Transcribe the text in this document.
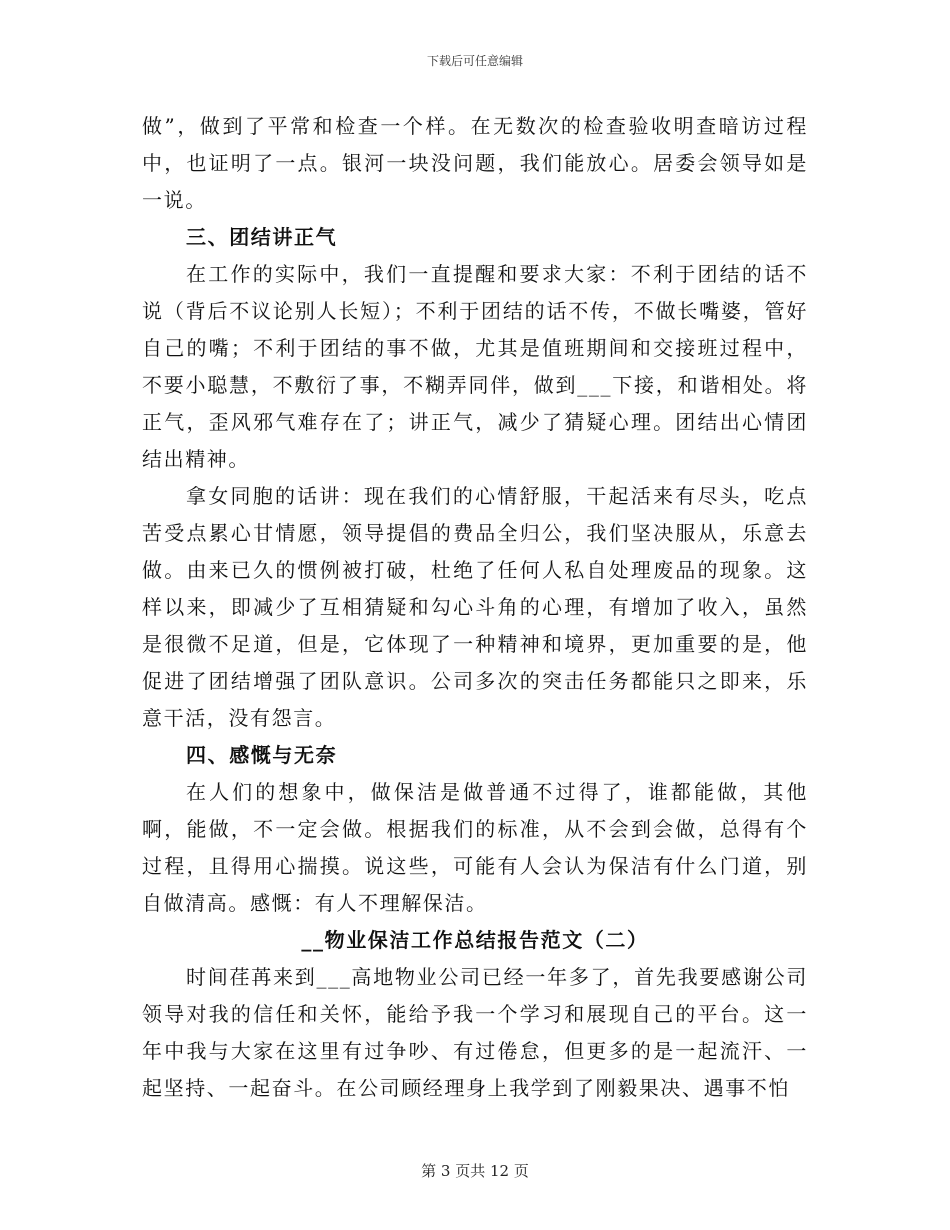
下载后可任意编辑

做”，做到了平常和检查一个样。在无数次的检查验收明查暗访过程中，也证明了一点。银河一块没问题，我们能放心。居委会领导如是一说。

三、团结讲正气

在工作的实际中，我们一直提醒和要求大家：不利于团结的话不说（背后不议论别人长短）；不利于团结的话不传，不做长嘴婆，管好自己的嘴；不利于团结的事不做，尤其是值班期间和交接班过程中，不要小聪慧，不敷衍了事，不糊弄同伴，做到___下接，和谐相处。将正气，歪风邪气难存在了；讲正气，减少了猜疑心理。团结出心情团结出精神。

拿女同胞的话讲：现在我们的心情舒服，干起活来有尽头，吃点苦受点累心甘情愿，领导提倡的费品全归公，我们坚决服从，乐意去做。由来已久的惯例被打破，杜绝了任何人私自处理废品的现象。这样以来，即减少了互相猜疑和勾心斗角的心理，有增加了收入，虽然是很微不足道，但是，它体现了一种精神和境界，更加重要的是，他促进了团结增强了团队意识。公司多次的突击任务都能只之即来，乐意干活，没有怨言。

四、感慨与无奈

在人们的想象中，做保洁是做普通不过得了，谁都能做，其他啊，能做，不一定会做。根据我们的标准，从不会到会做，总得有个过程，且得用心揣摸。说这些，可能有人会认为保洁有什么门道，别自做清高。感慨：有人不理解保洁。

__物业保洁工作总结报告范文（二）

时间荏苒来到___高地物业公司已经一年多了，首先我要感谢公司领导对我的信任和关怀，能给予我一个学习和展现自己的平台。这一年中我与大家在这里有过争吵、有过倦怠，但更多的是一起流汗、一起坚持、一起奋斗。在公司顾经理身上我学到了刚毅果决、遇事不怕

第 3 页共 12 页
